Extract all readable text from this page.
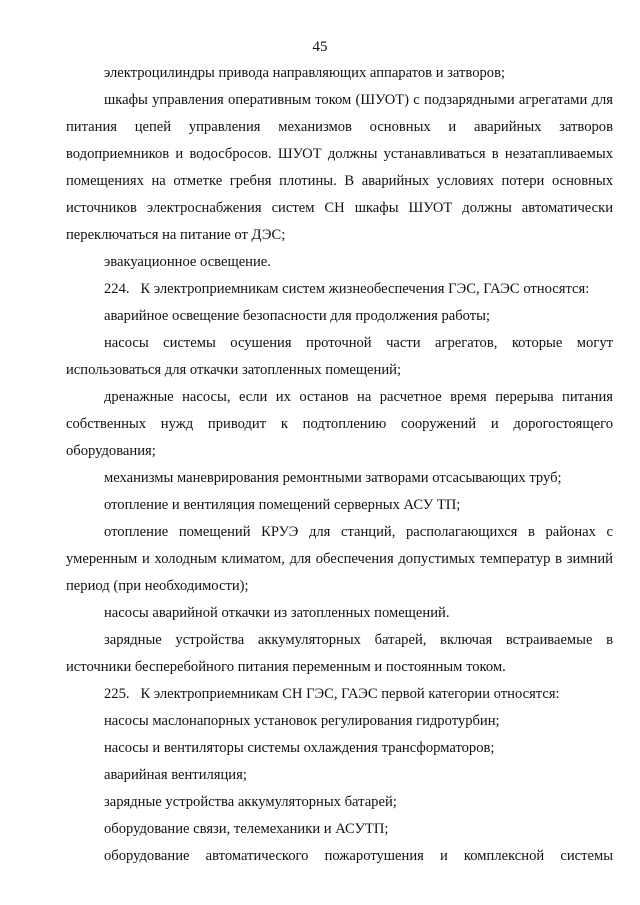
45

электроцилиндры привода направляющих аппаратов и затворов;

шкафы управления оперативным током (ШУОТ) с подзарядными агрегатами для питания цепей управления механизмов основных и аварийных затворов водоприемников и водосбросов. ШУОТ должны устанавливаться в незатапливаемых помещениях на отметке гребня плотины. В аварийных условиях потери основных источников электроснабжения систем СН шкафы ШУОТ должны автоматически переключаться на питание от ДЭС;

эвакуационное освещение.

224.  К электроприемникам систем жизнеобеспечения ГЭС, ГАЭС относятся:

аварийное освещение безопасности для продолжения работы;

насосы системы осушения проточной части агрегатов, которые могут использоваться для откачки затопленных помещений;

дренажные насосы, если их останов на расчетное время перерыва питания собственных нужд приводит к подтоплению сооружений и дорогостоящего оборудования;

механизмы маневрирования ремонтными затворами отсасывающих труб;

отопление и вентиляция помещений серверных АСУ ТП;

отопление помещений КРУЭ для станций, располагающихся в районах с умеренным и холодным климатом, для обеспечения допустимых температур в зимний период (при необходимости);

насосы аварийной откачки из затопленных помещений.

зарядные устройства аккумуляторных батарей, включая встраиваемые в источники бесперебойного питания переменным и постоянным током.

225.  К электроприемникам СН ГЭС, ГАЭС первой категории относятся:

насосы маслонапорных установок регулирования гидротурбин;

насосы и вентиляторы системы охлаждения трансформаторов;

аварийная вентиляция;

зарядные устройства аккумуляторных батарей;

оборудование связи, телемеханики и АСУТП;

оборудование автоматического пожаротушения и комплексной системы
